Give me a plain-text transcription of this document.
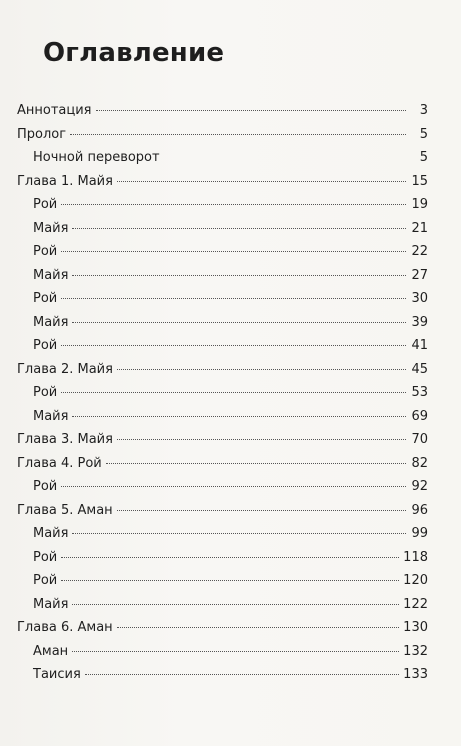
Оглавление
Аннотация	3
Пролог	5
Ночной переворот	5
Глава 1. Майя	15
Рой	19
Майя	21
Рой	22
Майя	27
Рой	30
Майя	39
Рой	41
Глава 2. Майя	45
Рой	53
Майя	69
Глава 3. Майя	70
Глава 4. Рой	82
Рой	92
Глава 5. Аман	96
Майя	99
Рой	118
Рой	120
Майя	122
Глава 6. Аман	130
Аман	132
Таисия	133
